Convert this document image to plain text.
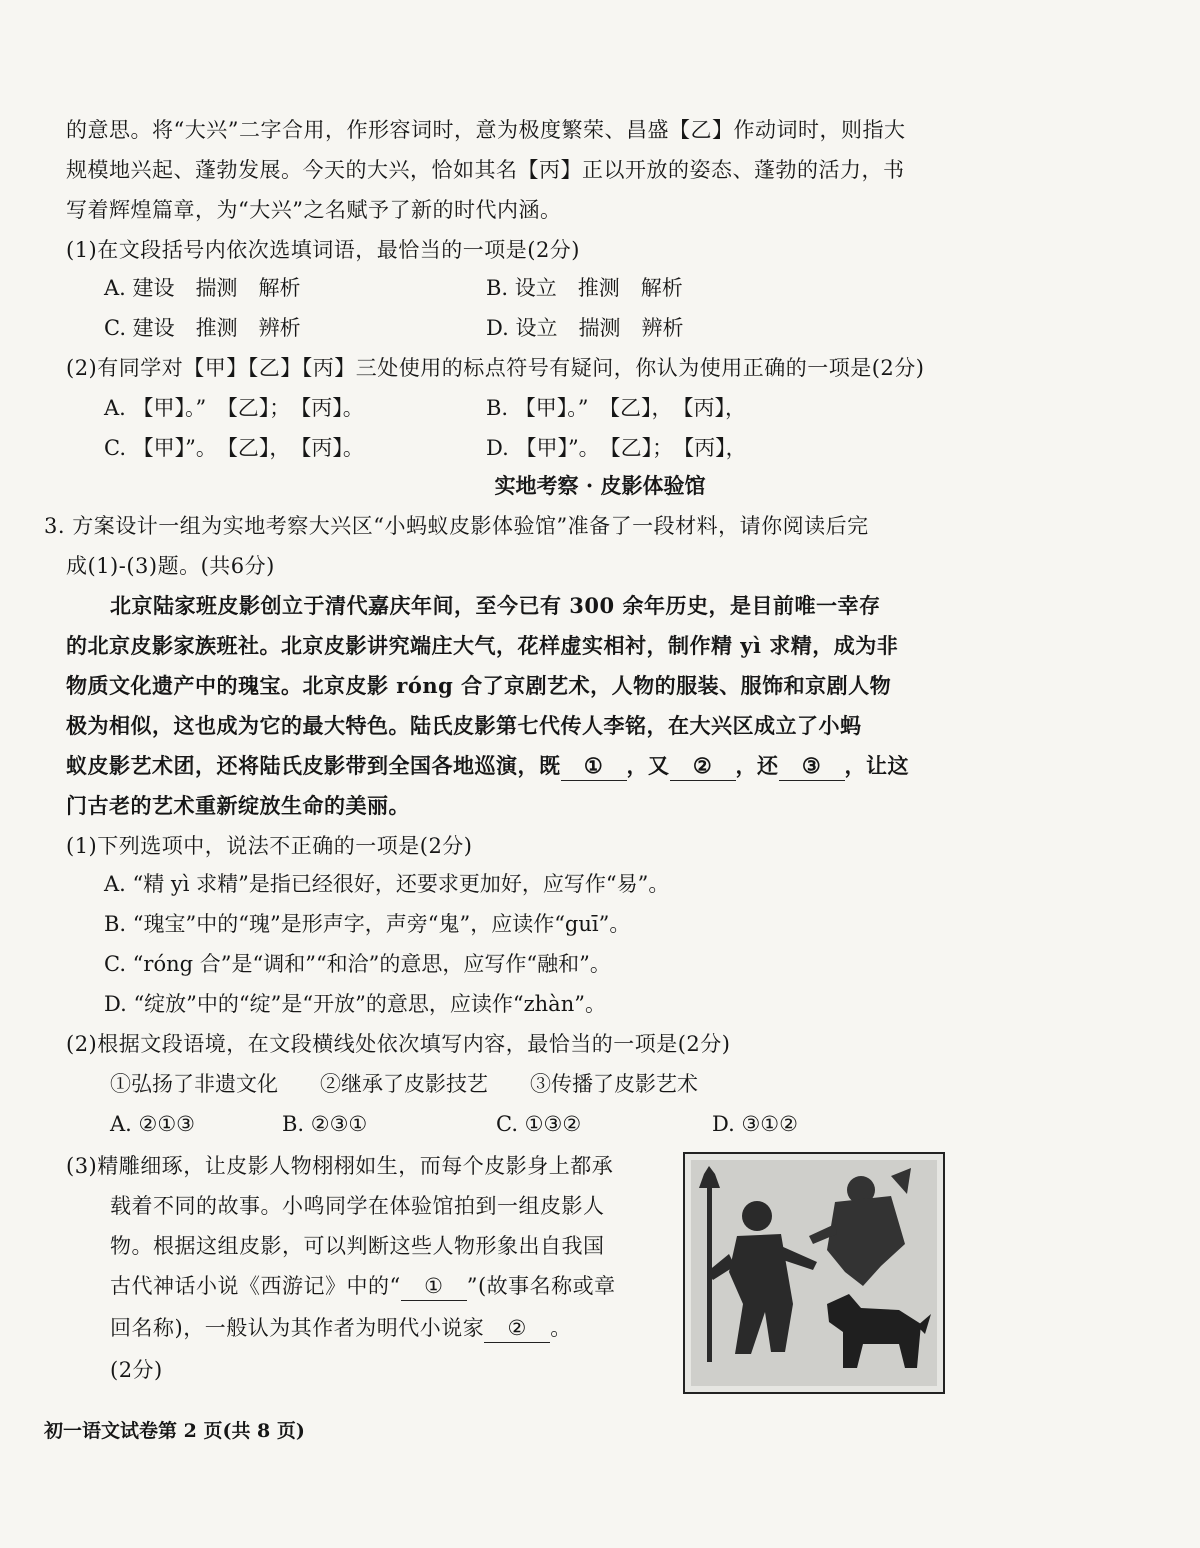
的意思。将“大兴”二字合用，作形容词时，意为极度繁荣、昌盛【乙】作动词时，则指大
规模地兴起、蓬勃发展。今天的大兴，恰如其名【丙】正以开放的姿态、蓬勃的活力，书
写着辉煌篇章，为“大兴”之名赋予了新的时代内涵。
(1)在文段括号内依次选填词语，最恰当的一项是(2分)
A. 建设　揣测　解析	B. 设立　推测　解析
C. 建设　推测　辨析	D. 设立　揣测　辨析
(2)有同学对【甲】【乙】【丙】三处使用的标点符号有疑问，你认为使用正确的一项是(2分)
A. 【甲】。”　【乙】；　【丙】。	B. 【甲】。”　【乙】，　【丙】，
C. 【甲】”。　【乙】，　【丙】。	D. 【甲】”。　【乙】；　【丙】，
实地考察 · 皮影体验馆
3. 方案设计一组为实地考察大兴区“小蚂蚁皮影体验馆”准备了一段材料，请你阅读后完
成(1)-(3)题。(共6分)
北京陆家班皮影创立于清代嘉庆年间，至今已有 300 余年历史，是目前唯一幸存
的北京皮影家族班社。北京皮影讲究端庄大气，花样虚实相衬，制作精 yì 求精，成为非
物质文化遗产中的瑰宝。北京皮影 róng 合了京剧艺术，人物的服装、服饰和京剧人物
极为相似，这也成为它的最大特色。陆氏皮影第七代传人李铭，在大兴区成立了小蚂
蚁皮影艺术团，还将陆氏皮影带到全国各地巡演，既 ① ，又 ② ，还 ③ ，让这
门古老的艺术重新绽放生命的美丽。
(1)下列选项中，说法不正确的一项是(2分)
A. “精 yì 求精”是指已经很好，还要求更加好，应写作“易”。
B. “瑰宝”中的“瑰”是形声字，声旁“鬼”，应读作“guī”。
C. “róng 合”是“调和”“和洽”的意思，应写作“融和”。
D. “绽放”中的“绽”是“开放”的意思，应读作“zhàn”。
(2)根据文段语境，在文段横线处依次填写内容，最恰当的一项是(2分)
①弘扬了非遗文化　　②继承了皮影技艺　　③传播了皮影艺术
A. ②①③	B. ②③①	C. ①③②	D. ③①②
(3)精雕细琢，让皮影人物栩栩如生，而每个皮影身上都承
载着不同的故事。小鸣同学在体验馆拍到一组皮影人
物。根据这组皮影，可以判断这些人物形象出自我国
古代神话小说《西游记》中的“ ① ”(故事名称或章
回名称)，一般认为其作者为明代小说家 ② 。
(2分)
初一语文试卷第 2 页(共 8 页)
